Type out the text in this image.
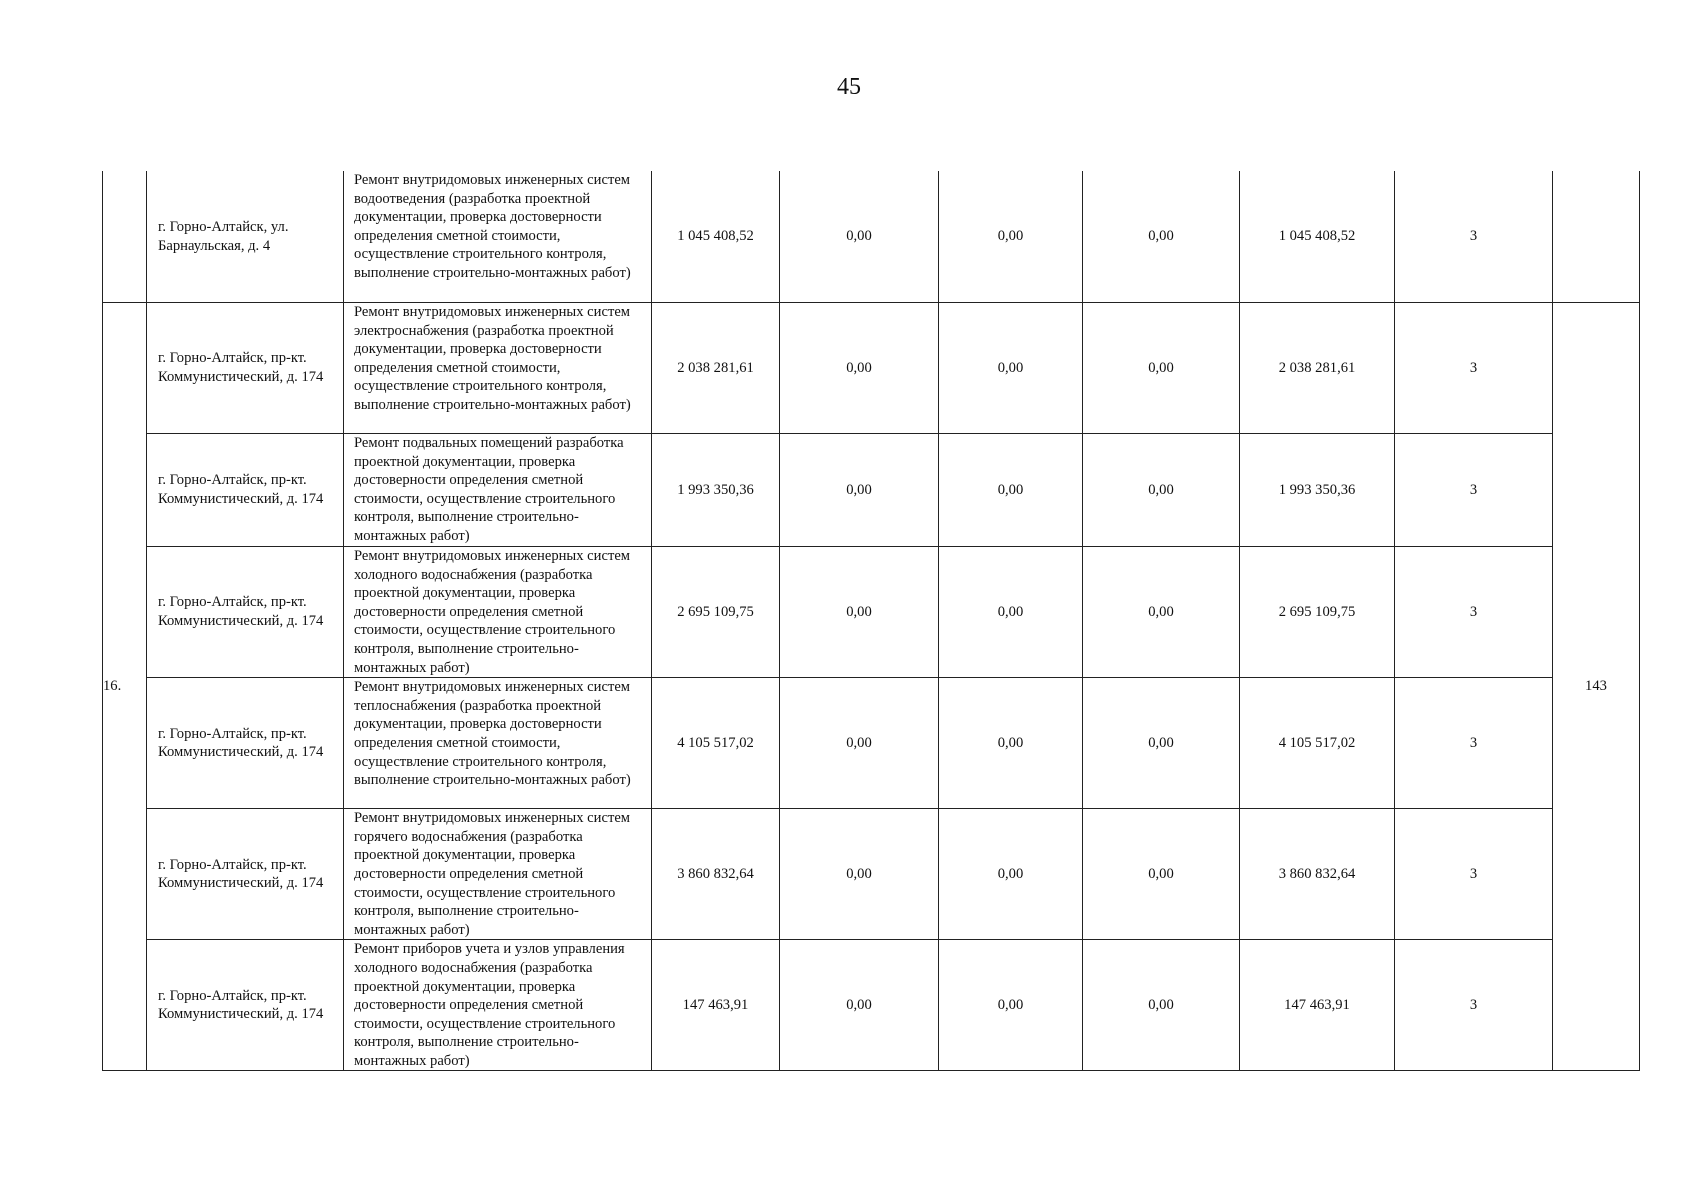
45
	г. Горно-Алтайск, ул. Барнаульская, д. 4	Ремонт внутридомовых инженерных систем водоотведения (разработка проектной документации, проверка достоверности определения сметной стоимости, осуществление строительного контроля, выполнение строительно-монтажных работ)	1 045 408,52	0,00	0,00	0,00	1 045 408,52	3	
16.	г. Горно-Алтайск, пр-кт. Коммунистический, д. 174	Ремонт внутридомовых инженерных систем электроснабжения (разработка проектной документации, проверка достоверности определения сметной стоимости, осуществление строительного контроля, выполнение строительно-монтажных работ)	2 038 281,61	0,00	0,00	0,00	2 038 281,61	3	143
	г. Горно-Алтайск, пр-кт. Коммунистический, д. 174	Ремонт подвальных помещений разработка проектной документации, проверка достоверности определения сметной стоимости, осуществление строительного контроля, выполнение строительно-монтажных работ)	1 993 350,36	0,00	0,00	0,00	1 993 350,36	3	
	г. Горно-Алтайск, пр-кт. Коммунистический, д. 174	Ремонт внутридомовых инженерных систем холодного водоснабжения (разработка проектной документации, проверка достоверности определения сметной стоимости, осуществление строительного контроля, выполнение строительно-монтажных работ)	2 695 109,75	0,00	0,00	0,00	2 695 109,75	3	
	г. Горно-Алтайск, пр-кт. Коммунистический, д. 174	Ремонт внутридомовых инженерных систем теплоснабжения (разработка проектной документации, проверка достоверности определения сметной стоимости, осуществление строительного контроля, выполнение строительно-монтажных работ)	4 105 517,02	0,00	0,00	0,00	4 105 517,02	3	
	г. Горно-Алтайск, пр-кт. Коммунистический, д. 174	Ремонт внутридомовых инженерных систем горячего водоснабжения (разработка проектной документации, проверка достоверности определения сметной стоимости, осуществление строительного контроля, выполнение строительно-монтажных работ)	3 860 832,64	0,00	0,00	0,00	3 860 832,64	3	
	г. Горно-Алтайск, пр-кт. Коммунистический, д. 174	Ремонт приборов учета и узлов управления холодного водоснабжения (разработка проектной документации, проверка достоверности определения сметной стоимости, осуществление строительного контроля, выполнение строительно-монтажных работ)	147 463,91	0,00	0,00	0,00	147 463,91	3	
